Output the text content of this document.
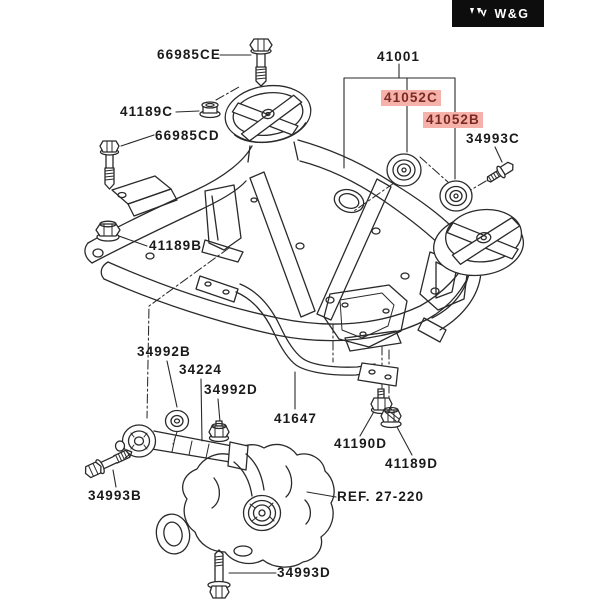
W&G
66985CE
41189C
66985CD
41189B
41001
41052C
41052B
34993C
34992B
34224
34992D
41647
41190D
41189D
34993B	REF. 27-220
34993D
